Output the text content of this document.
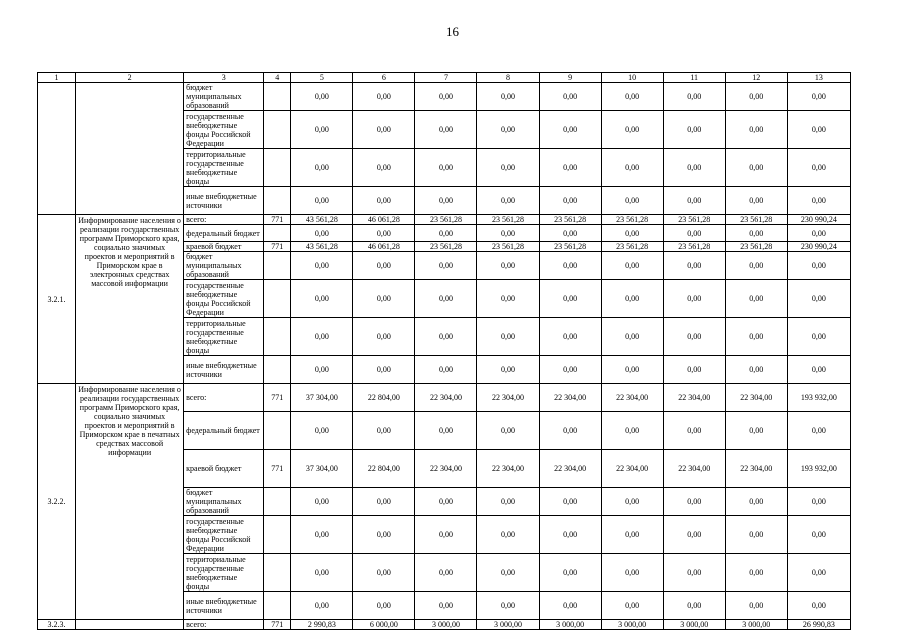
16
1	2	3	4	5	6	7	8	9	10	11	12	13
		бюджет муниципальных образований		0,00	0,00	0,00	0,00	0,00	0,00	0,00	0,00	0,00
		государственные внебюджетные фонды Российской Федерации		0,00	0,00	0,00	0,00	0,00	0,00	0,00	0,00	0,00
		территориальные государственные внебюджетные фонды		0,00	0,00	0,00	0,00	0,00	0,00	0,00	0,00	0,00
		иные внебюджетные источники		0,00	0,00	0,00	0,00	0,00	0,00	0,00	0,00	0,00
3.2.1.	Информирование населения о реализации государственных программ Приморского края, социально значимых проектов и мероприятий в Приморском крае в электронных средствах массовой информации	всего:	771	43 561,28	46 061,28	23 561,28	23 561,28	23 561,28	23 561,28	23 561,28	23 561,28	230 990,24
		федеральный бюджет		0,00	0,00	0,00	0,00	0,00	0,00	0,00	0,00	0,00
		краевой бюджет	771	43 561,28	46 061,28	23 561,28	23 561,28	23 561,28	23 561,28	23 561,28	23 561,28	230 990,24
		бюджет муниципальных образований		0,00	0,00	0,00	0,00	0,00	0,00	0,00	0,00	0,00
		государственные внебюджетные фонды Российской Федерации		0,00	0,00	0,00	0,00	0,00	0,00	0,00	0,00	0,00
		территориальные государственные внебюджетные фонды		0,00	0,00	0,00	0,00	0,00	0,00	0,00	0,00	0,00
		иные внебюджетные источники		0,00	0,00	0,00	0,00	0,00	0,00	0,00	0,00	0,00
3.2.2.	Информирование населения о реализации государственных программ Приморского края, социально значимых проектов и мероприятий в Приморском крае в печатных средствах массовой информации	всего:	771	37 304,00	22 804,00	22 304,00	22 304,00	22 304,00	22 304,00	22 304,00	22 304,00	193 932,00
		федеральный бюджет		0,00	0,00	0,00	0,00	0,00	0,00	0,00	0,00	0,00
		краевой бюджет	771	37 304,00	22 804,00	22 304,00	22 304,00	22 304,00	22 304,00	22 304,00	22 304,00	193 932,00
		бюджет муниципальных образований		0,00	0,00	0,00	0,00	0,00	0,00	0,00	0,00	0,00
		государственные внебюджетные фонды Российской Федерации		0,00	0,00	0,00	0,00	0,00	0,00	0,00	0,00	0,00
		территориальные государственные внебюджетные фонды		0,00	0,00	0,00	0,00	0,00	0,00	0,00	0,00	0,00
		иные внебюджетные источники		0,00	0,00	0,00	0,00	0,00	0,00	0,00	0,00	0,00
3.2.3.		всего:	771	2 990,83	6 000,00	3 000,00	3 000,00	3 000,00	3 000,00	3 000,00	3 000,00	26 990,83
